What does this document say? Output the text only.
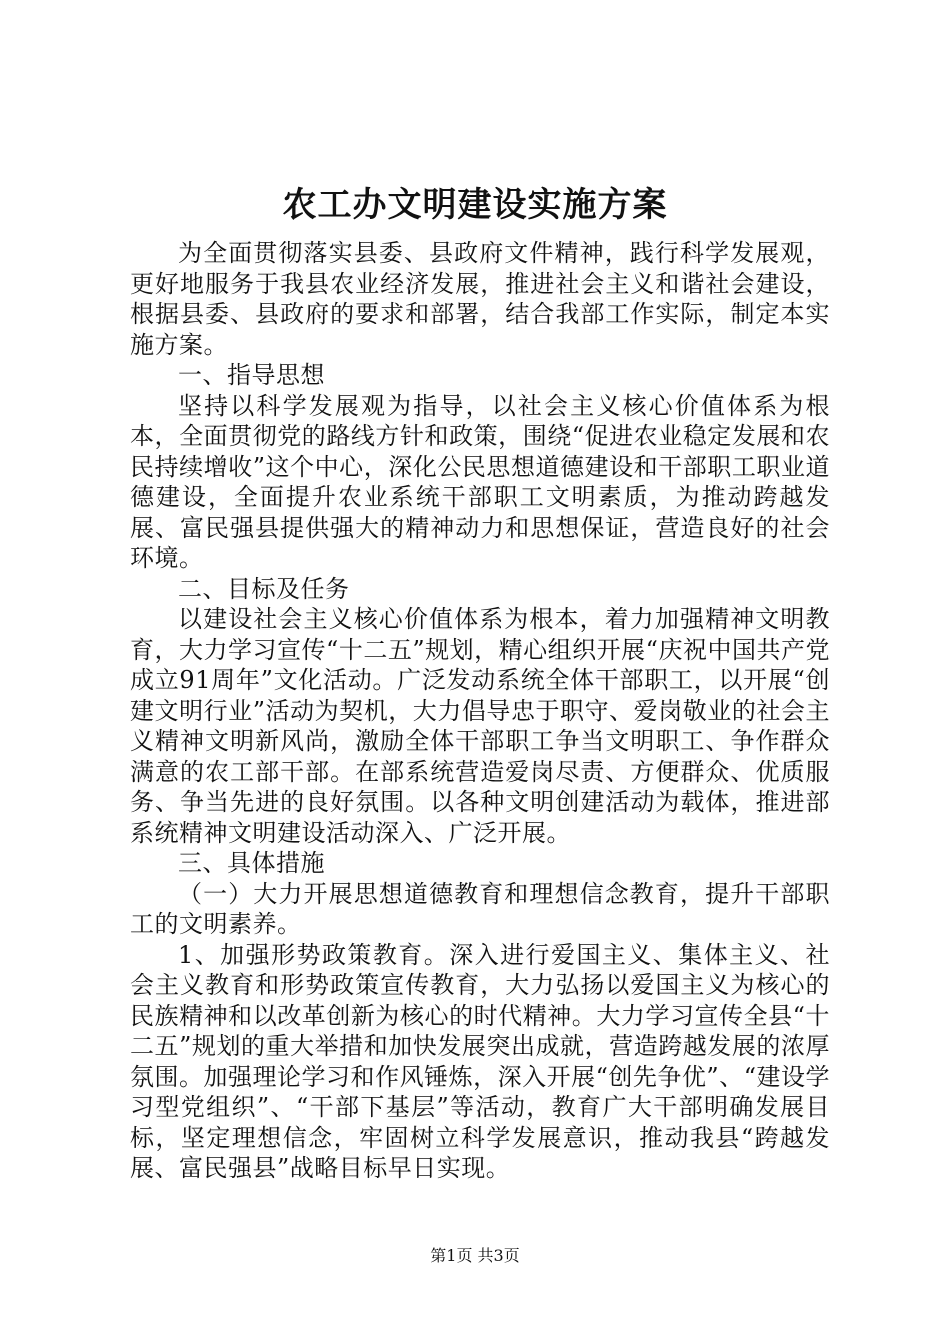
农工办文明建设实施方案

为全面贯彻落实县委、县政府文件精神，践行科学发展观，更好地服务于我县农业经济发展，推进社会主义和谐社会建设，根据县委、县政府的要求和部署，结合我部工作实际，制定本实施方案。

一、指导思想

坚持以科学发展观为指导，以社会主义核心价值体系为根本，全面贯彻党的路线方针和政策，围绕“促进农业稳定发展和农民持续增收”这个中心，深化公民思想道德建设和干部职工职业道德建设，全面提升农业系统干部职工文明素质，为推动跨越发展、富民强县提供强大的精神动力和思想保证，营造良好的社会环境。

二、目标及任务

以建设社会主义核心价值体系为根本，着力加强精神文明教育，大力学习宣传“十二五”规划，精心组织开展“庆祝中国共产党成立91周年”文化活动。广泛发动系统全体干部职工，以开展“创建文明行业”活动为契机，大力倡导忠于职守、爱岗敬业的社会主义精神文明新风尚，激励全体干部职工争当文明职工、争作群众满意的农工部干部。在部系统营造爱岗尽责、方便群众、优质服务、争当先进的良好氛围。以各种文明创建活动为载体，推进部系统精神文明建设活动深入、广泛开展。

三、具体措施

（一）大力开展思想道德教育和理想信念教育，提升干部职工的文明素养。

1、加强形势政策教育。深入进行爱国主义、集体主义、社会主义教育和形势政策宣传教育，大力弘扬以爱国主义为核心的民族精神和以改革创新为核心的时代精神。大力学习宣传全县“十二五”规划的重大举措和加快发展突出成就，营造跨越发展的浓厚氛围。加强理论学习和作风锤炼，深入开展“创先争优”、“建设学习型党组织”、“干部下基层”等活动，教育广大干部明确发展目标，坚定理想信念，牢固树立科学发展意识，推动我县“跨越发展、富民强县”战略目标早日实现。

第1页 共3页
